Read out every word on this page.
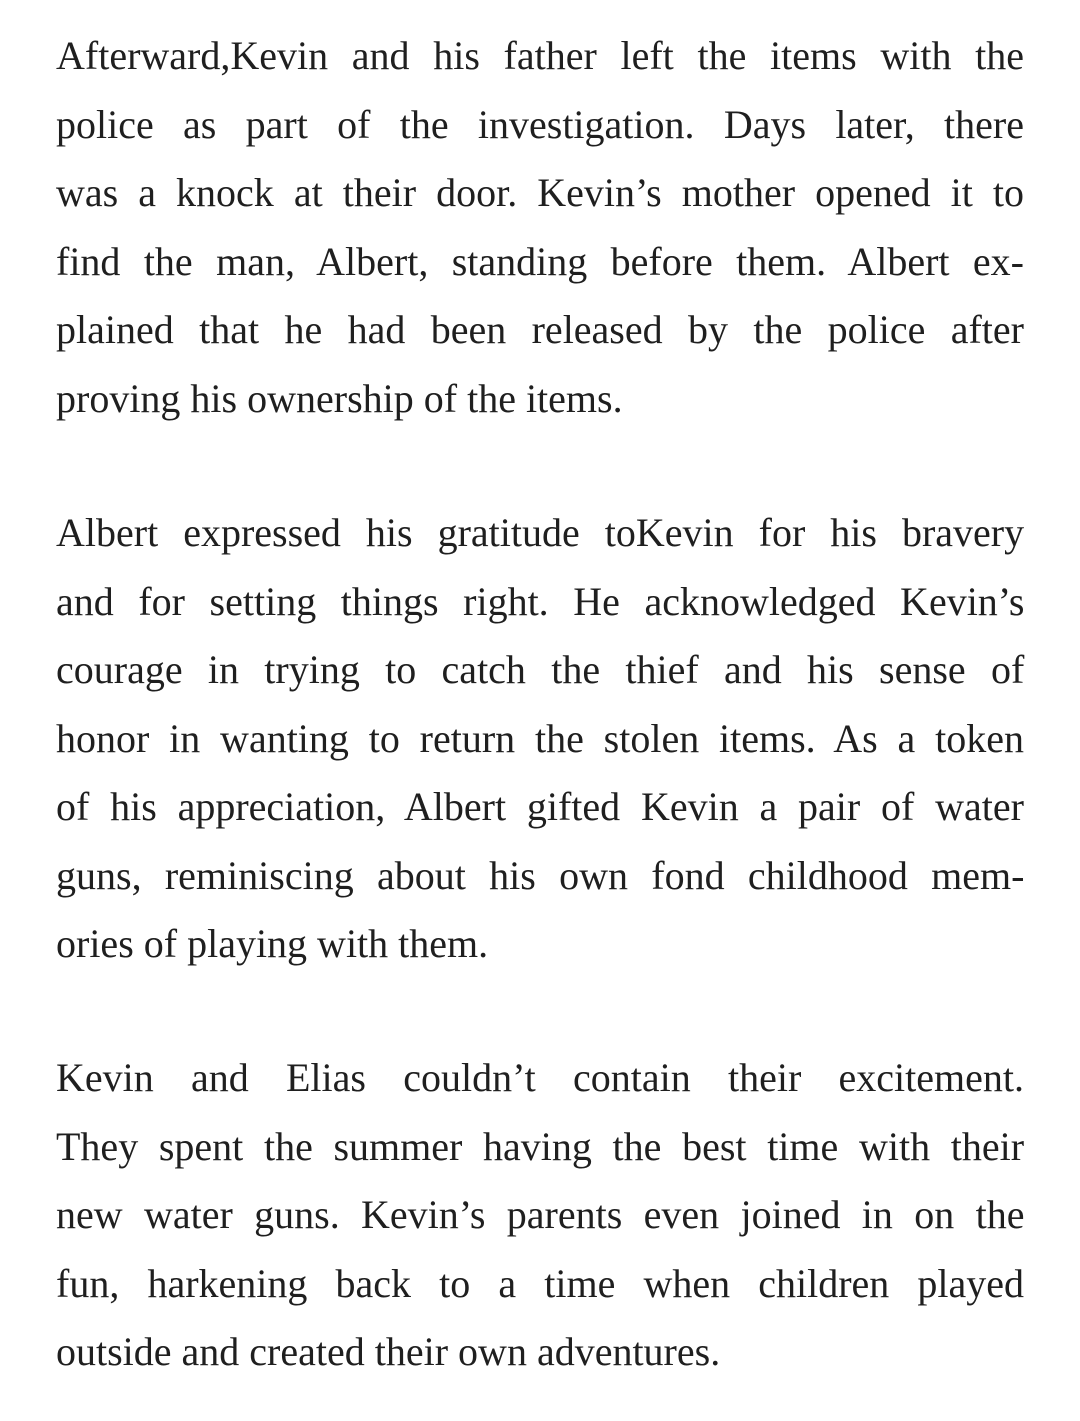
Afterward,Kevin and his father left the items with the
police as part of the investigation. Days later, there
was a knock at their door. Kevin’s mother opened it to
find the man, Albert, standing before them. Albert ex-
plained that he had been released by the police after
proving his ownership of the items.
Albert expressed his gratitude toKevin for his bravery
and for setting things right. He acknowledged Kevin’s
courage in trying to catch the thief and his sense of
honor in wanting to return the stolen items. As a token
of his appreciation, Albert gifted Kevin a pair of water
guns, reminiscing about his own fond childhood mem-
ories of playing with them.
Kevin and Elias couldn’t contain their excitement.
They spent the summer having the best time with their
new water guns. Kevin’s parents even joined in on the
fun, harkening back to a time when children played
outside and created their own adventures.
